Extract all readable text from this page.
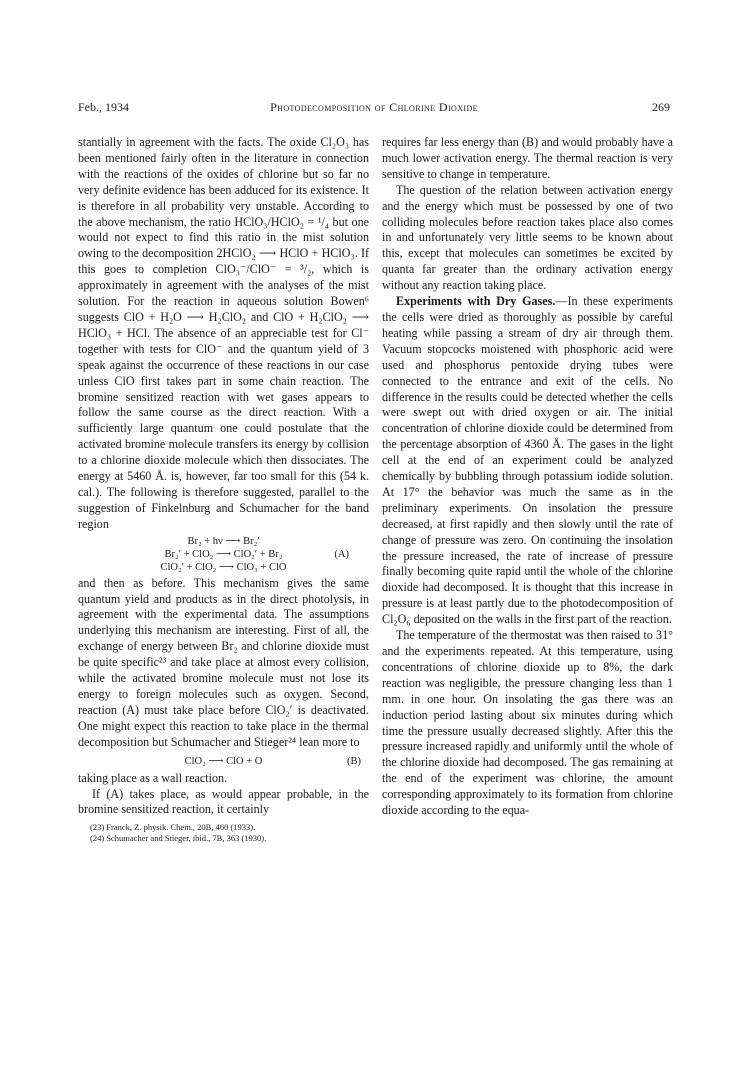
Feb., 1934	Photodecomposition of Chlorine Dioxide	269

stantially in agreement with the facts. The oxide Cl₂O₃ has been mentioned fairly often in the literature in connection with the reactions of the oxides of chlorine but so far no very definite evidence has been adduced for its existence. It is therefore in all probability very unstable. According to the above mechanism, the ratio HClO₃/HClO₂ = ¹/₄ but one would not expect to find this ratio in the mist solution owing to the decomposition 2HClO₂ ⟶ HClO + HClO₃. If this goes to completion ClO₃⁻/ClO⁻ = ³/₂, which is approximately in agreement with the analyses of the mist solution. For the reaction in aqueous solution Bowen⁶ suggests ClO + H₂O ⟶ H₂ClO₂ and ClO + H₂ClO₂ ⟶ HClO₃ + HCl. The absence of an appreciable test for Cl⁻ together with tests for ClO⁻ and the quantum yield of 3 speak against the occurrence of these reactions in our case unless ClO first takes part in some chain reaction. The bromine sensitized reaction with wet gases appears to follow the same course as the direct reaction. With a sufficiently large quantum one could postulate that the activated bromine molecule transfers its energy by collision to a chlorine dioxide molecule which then dissociates. The energy at 5460 Å. is, however, far too small for this (54 k. cal.). The following is therefore suggested, parallel to the suggestion of Finkelnburg and Schumacher for the band region

Br₂ + hν ⟶ Br₂′
Br₂′ + ClO₂ ⟶ ClO₂′ + Br₂
ClO₂′ + ClO₂ ⟶ ClO₃ + ClO
(A)

and then as before. This mechanism gives the same quantum yield and products as in the direct photolysis, in agreement with the experimental data. The assumptions underlying this mechanism are interesting. First of all, the exchange of energy between Br₂ and chlorine dioxide must be quite specific²³ and take place at almost every collision, while the activated bromine molecule must not lose its energy to foreign molecules such as oxygen. Second, reaction (A) must take place before ClO₂′ is deactivated. One might expect this reaction to take place in the thermal decomposition but Schumacher and Stieger²⁴ lean more to

ClO₂ ⟶ ClO + O	(B)

taking place as a wall reaction.

If (A) takes place, as would appear probable, in the bromine sensitized reaction, it certainly

(23) Franck, Z. physik. Chem., 20B, 460 (1933).
(24) Schumacher and Stieger, ibid., 7B, 363 (1930).

requires far less energy than (B) and would probably have a much lower activation energy. The thermal reaction is very sensitive to change in temperature.

The question of the relation between activation energy and the energy which must be possessed by one of two colliding molecules before reaction takes place also comes in and unfortunately very little seems to be known about this, except that molecules can sometimes be excited by quanta far greater than the ordinary activation energy without any reaction taking place.

Experiments with Dry Gases.—In these experiments the cells were dried as thoroughly as possible by careful heating while passing a stream of dry air through them. Vacuum stopcocks moistened with phosphoric acid were used and phosphorus pentoxide drying tubes were connected to the entrance and exit of the cells. No difference in the results could be detected whether the cells were swept out with dried oxygen or air. The initial concentration of chlorine dioxide could be determined from the percentage absorption of 4360 Å. The gases in the light cell at the end of an experiment could be analyzed chemically by bubbling through potassium iodide solution. At 17° the behavior was much the same as in the preliminary experiments. On insolation the pressure decreased, at first rapidly and then slowly until the rate of change of pressure was zero. On continuing the insolation the pressure increased, the rate of increase of pressure finally becoming quite rapid until the whole of the chlorine dioxide had decomposed. It is thought that this increase in pressure is at least partly due to the photodecomposition of Cl₂O₆ deposited on the walls in the first part of the reaction.

The temperature of the thermostat was then raised to 31° and the experiments repeated. At this temperature, using concentrations of chlorine dioxide up to 8%, the dark reaction was negligible, the pressure changing less than 1 mm. in one hour. On insolating the gas there was an induction period lasting about six minutes during which time the pressure usually decreased slightly. After this the pressure increased rapidly and uniformly until the whole of the chlorine dioxide had decomposed. The gas remaining at the end of the experiment was chlorine, the amount corresponding approximately to its formation from chlorine dioxide according to the equa-
